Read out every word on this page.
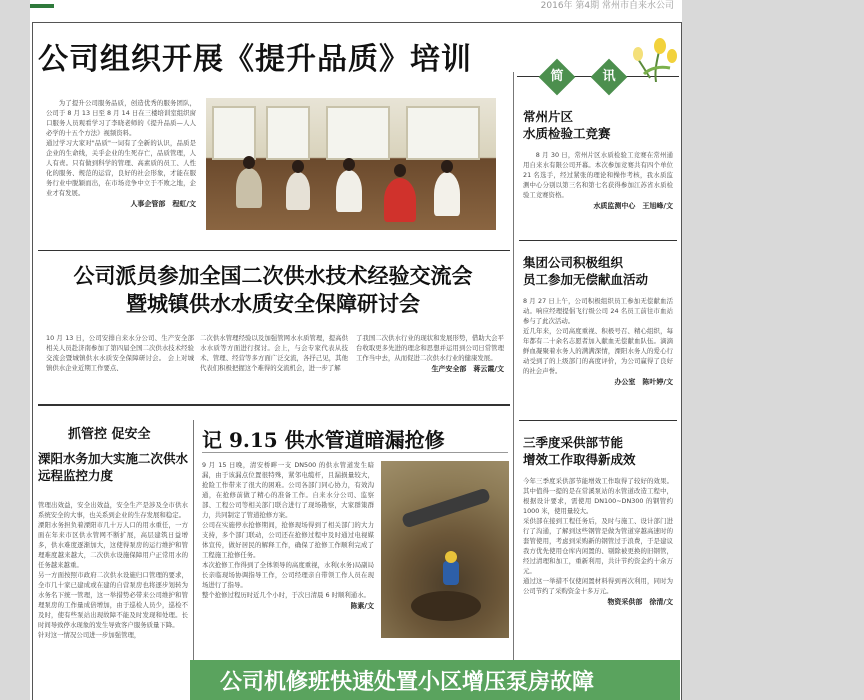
2016年 第4期 常州市自来水公司
公司组织开展《提升品质》培训
为了提升公司服务品质，创造优秀的服务团队，公司于 8 月 13 日至 8 月 14 日在三楼培训室组织窗口服务人员观看学习了李晓老师的《提升品质—人人必学的十五个方法》视频资料。
通过学习大家对"品质"一词有了全新的认识，品质是企业的生命线，关乎企业的生死存亡，品质管理，人人有责。只有做到科学的管理、高素质的员工、人性化的服务、规范的运营，良好的社会形象，才能在服务行业中脱颖而出，在市场竞争中立于不败之地，企业才有发展。
人事企管部　程虹/文
公司派员参加全国二次供水技术经验交流会
暨城镇供水水质安全保障研讨会
10 月 13 日，公司安排自来水分公司、生产安全部相关人员赴济南参加了第四届全国二次供水技术经验交流会暨城镇供水水质安全保障研讨会。 会上对城镇供水企业近期工作要点、
二次供水管理经验以及加强管网水水质管理，提高供水水质等方面进行探讨。会上，与会专家代表从技术、管理、经营等多方面广泛交流，各抒己见，其他代表们积极把握这个难得的交流机会，进一步了解
了我国二次供水行业的现状和发展形势，借助大会平台收取更多先进的理念和思想并运用到公司日常管理工作当中去，从而促进二次供水行业的健康发展。
生产安全部　蒋云霞/文
抓管控 促安全
溧阳水务加大实施二次供水远程监控力度
管理出效益，安全出效益，安全生产是涉及全市供水系统安全的大事，也关系到企业的生存发展和稳定。
溧阳水务担负着溧阳市几十万人口的用水重任，一方面在年来市区供水管网不断扩展，高层建筑日益增多，供水难度逐渐加大，这使得泵房的运行维护和管理难度越来越大，二次供水设施保障用户正常用水的任务越来越重。
另一方面按照市政府二次供水设施归口管理的要求，全市几十家已建成或在建的自营泵房也将逐步划转为水务名下统一管理，这一举措势必带来公司维护和管理泵房的工作量成倍增加，由于巡检人员少，巡检不及时，使有些泵站出现故障不能及时发现和处理。长时间导致停水现象的发生导致客户服务质量下降。
针对这一情况公司进一步加强管理，
记 9.15 供水管道暗漏抢修
9 月 15 日晚，清安桥畔一支 DN500 的供水管道发生暗漏，由于该漏点位置很特殊，紧邻电缆杆，且漏损量较大，抢险工作带来了很大的困难。公司各部门同心协力，有效沟通，在抢修前做了精心的准备工作。自来水分公司、监察部、工程公司等相关部门联合进行了现场勘察，大家群策群力，共同制定了管道抢修方案。
公司在实施停水抢修期间，抢修现场得到了相关部门的大力支持，多个部门联动，公司还在抢修过程中及时通过电视媒体宣传，做好居民的解释工作，确保了抢修工作顺利完成了工程施工抢修任务。
本次抢修工作得到了全体领导的高度重视，水利(水务)局副局长亲临现场协调指导工作，公司经理亲自带领工作人员在现场进行了指导。
整个抢修过程历时近几个小时，于次日清晨 6 时顺利通水。
陈素/文
简	讯
常州片区
水质检验工竞赛
8 月 30 日，常州片区水质检验工竞赛在常州通用自来水有限公司开幕。本次参加竞赛共有四个单位 21 名选手，经过紧张的理论和操作考核，我水质监测中心分别以第三名和第七名获得参加江苏省水质检验工竞赛资格。
水质监测中心　王旭峰/文
集团公司积极组织
员工参加无偿献血活动
8 月 27 日上午，公司积极组织员工参加无偿献血活动。响应经理提倡飞行级公司 24 名员工前往市血站参与了此次活动。
近几年来，公司高度重视、积极号召、精心组织，每年都有二十余名志愿者加入献血无偿献血队伍。滴滴鲜血凝聚着水务人的满满深情，溧阳水务人的爱心行动受到了的上级部门的高度评价，为公司赢得了良好的社会声誉。
办公室　陈叶婷/文
三季度采供部节能
增效工作取得新成效
今年三季度采供部节能增效工作取得了较好的效果。其中值得一提的是在常溪泵站的水管道改造工程中，根据设计要求，需使用 DN100~DN300 的钢管约 1000 米，使用量较大。
采供部在接到工程任务后，及时与施工、设计部门进行了沟通，了解到这些钢管是做为管道穿越高速时的套管使用，考虑到采购新的钢管过于浪费，于是建议我方优先使用仓库内闲置的、剔除被更换的旧钢管，经过清理和加工，重新利用，共计节约资金约十余万元。
通过这一举措不仅使闲置材料得到再次利用，同时为公司节约了采购资金十多万元。
物资采供部　徐清/文
公司机修班快速处置小区增压泵房故障
